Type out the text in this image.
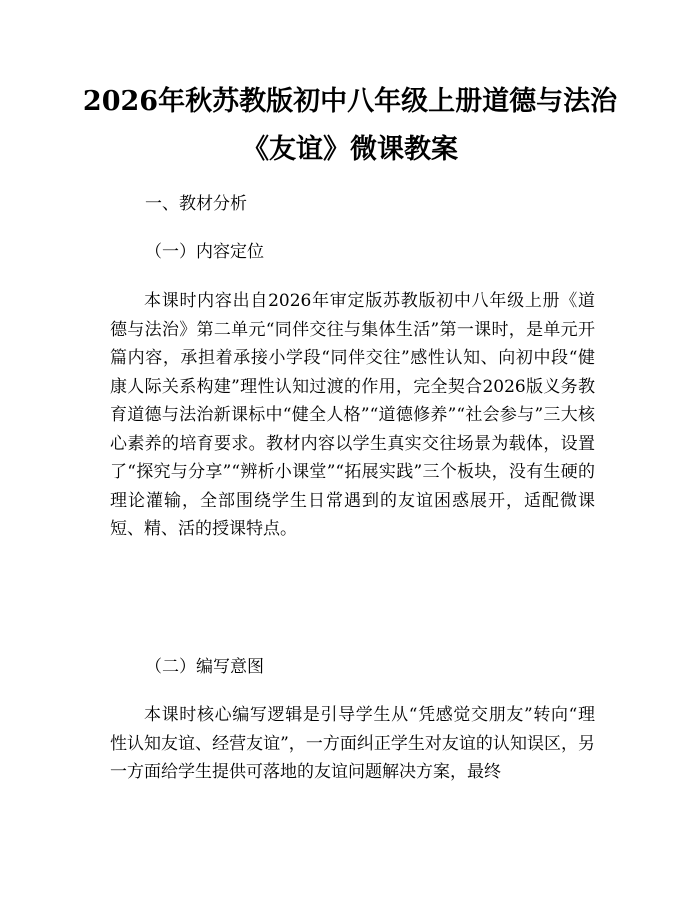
2026年秋苏教版初中八年级上册道德与法治
《友谊》微课教案
一、教材分析
（一）内容定位

本课时内容出自2026年审定版苏教版初中八年级上册《道德与法治》第二单元“同伴交往与集体生活”第一课时，是单元开篇内容，承担着承接小学段“同伴交往”感性认知、向初中段“健康人际关系构建”理性认知过渡的作用，完全契合2026版义务教育道德与法治新课标中“健全人格”“道德修养”“社会参与”三大核心素养的培育要求。教材内容以学生真实交往场景为载体，设置了“探究与分享”“辨析小课堂”“拓展实践”三个板块，没有生硬的理论灌输，全部围绕学生日常遇到的友谊困惑展开，适配微课短、精、活的授课特点。

（二）编写意图

本课时核心编写逻辑是引导学生从“凭感觉交朋友”转向“理性认知友谊、经营友谊”，一方面纠正学生对友谊的认知误区，另一方面给学生提供可落地的友谊问题解决方案，最终
